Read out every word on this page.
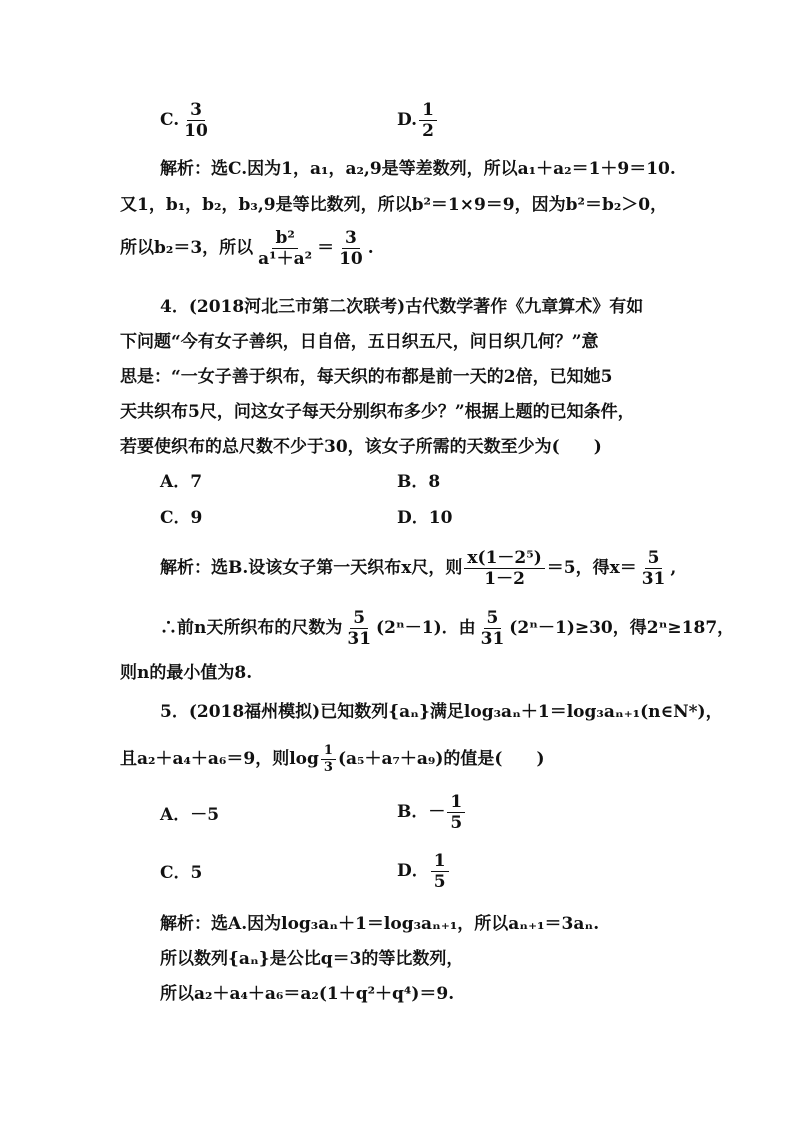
C. $\frac{3}{10}$	D. $\frac{1}{2}$
解析：选C.因为1，a₁，a₂,9是等差数列，所以a₁＋a₂＝1＋9＝10.
又1，b₁，b₂，b₃,9是等比数列，所以b²＝1×9＝9，因为b²＝b₂＞0，
所以b₂＝3，所以 $\frac{\text{b²}}{\text{a¹＋a²}} = \frac{3}{10}$ .
4．(2018河北三市第二次联考)古代数学著作《九章算术》有如
下问题“今有女子善织，日自倍，五日织五尺，问日织几何？”意
思是：“一女子善于织布，每天织的布都是前一天的2倍，已知她5
天共织布5尺，问这女子每天分别织布多少？”根据上题的已知条件，
若要使织布的总尺数不少于30，该女子所需的天数至少为(　　)
A．7	B．8
C．9	D．10
解析：选B.设该女子第一天织布x尺，则 $\frac{\text{x(1－2⁵)}}{1-2} =5$，得$x= \frac{5}{31}$ ,
∴前n天所织布的尺数为 $\frac{5}{31} (2^n-1)$．由 $\frac{5}{31} (2^n-1)\ge 30$，得2ⁿ≥187，
则n的最小值为8.
5．(2018福州模拟)已知数列{aₙ}满足log₃aₙ＋1＝log₃aₙ₊₁(n∈N*)，
且a₂＋a₄＋a₆＝9，则$\log \frac{1}{3} (a_5+a_7+a_9)$的值是(　　)
A．－5	B．－ $\frac{1}{5}$
C．5	D． $\frac{1}{5}$
解析：选A.因为log₃aₙ＋1＝log₃aₙ₊₁，所以aₙ₊₁＝3aₙ.
所以数列{aₙ}是公比q＝3的等比数列，
所以a₂＋a₄＋a₆＝a₂(1＋q²＋q⁴)＝9.
